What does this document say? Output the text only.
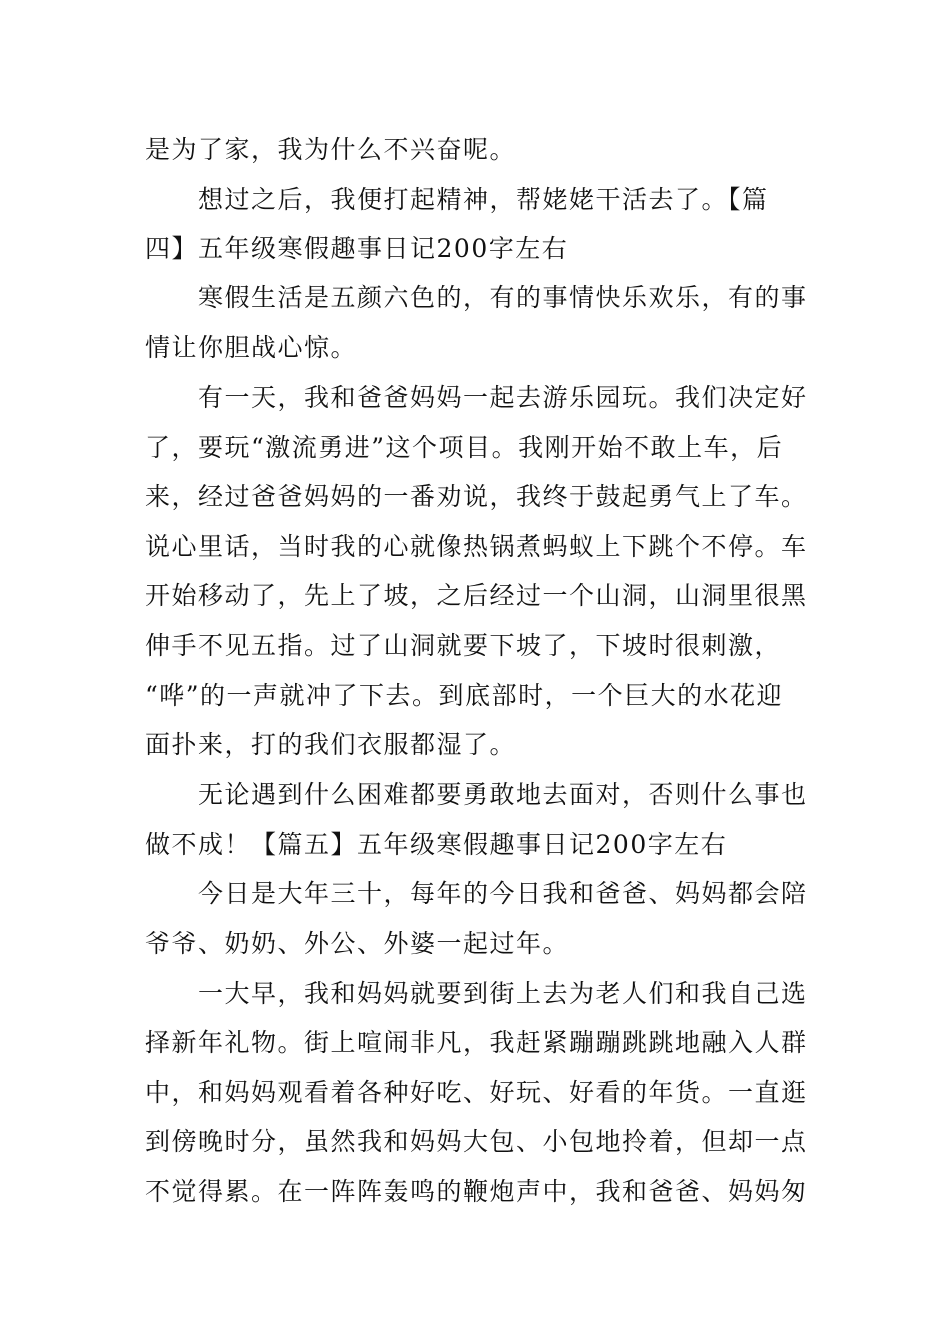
是为了家，我为什么不兴奋呢。
想过之后，我便打起精神，帮姥姥干活去了。【篇
四】五年级寒假趣事日记200字左右
寒假生活是五颜六色的，有的事情快乐欢乐，有的事
情让你胆战心惊。
有一天，我和爸爸妈妈一起去游乐园玩。我们决定好
了，要玩“激流勇进”这个项目。我刚开始不敢上车，后
来，经过爸爸妈妈的一番劝说，我终于鼓起勇气上了车。
说心里话，当时我的心就像热锅煮蚂蚁上下跳个不停。车
开始移动了，先上了坡，之后经过一个山洞，山洞里很黑
伸手不见五指。过了山洞就要下坡了，下坡时很刺激，
“哗”的一声就冲了下去。到底部时，一个巨大的水花迎
面扑来，打的我们衣服都湿了。
无论遇到什么困难都要勇敢地去面对，否则什么事也
做不成！【篇五】五年级寒假趣事日记200字左右
今日是大年三十，每年的今日我和爸爸、妈妈都会陪
爷爷、奶奶、外公、外婆一起过年。
一大早，我和妈妈就要到街上去为老人们和我自己选
择新年礼物。街上喧闹非凡，我赶紧蹦蹦跳跳地融入人群
中，和妈妈观看着各种好吃、好玩、好看的年货。一直逛
到傍晚时分，虽然我和妈妈大包、小包地拎着，但却一点
不觉得累。在一阵阵轰鸣的鞭炮声中，我和爸爸、妈妈匆
